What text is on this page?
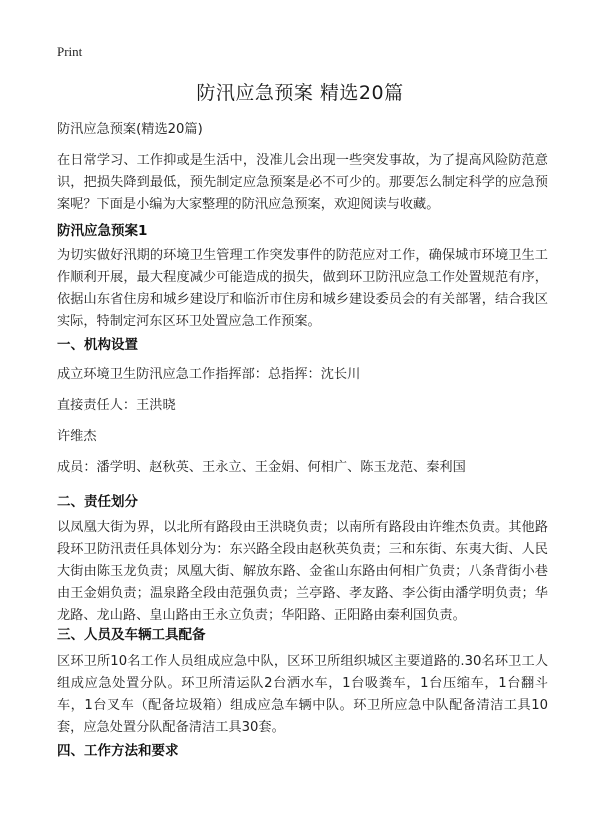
Print
防汛应急预案 精选20篇

防汛应急预案(精选20篇)

在日常学习、工作抑或是生活中，没准儿会出现一些突发事故，为了提高风险防范意识，把损失降到最低，预先制定应急预案是必不可少的。那要怎么制定科学的应急预案呢？下面是小编为大家整理的防汛应急预案，欢迎阅读与收藏。

防汛应急预案1

为切实做好汛期的环境卫生管理工作突发事件的防范应对工作，确保城市环境卫生工作顺利开展，最大程度减少可能造成的损失，做到环卫防汛应急工作处置规范有序，依据山东省住房和城乡建设厅和临沂市住房和城乡建设委员会的有关部署，结合我区实际，特制定河东区环卫处置应急工作预案。

一、机构设置

成立环境卫生防汛应急工作指挥部：总指挥：沈长川

直接责任人：王洪晓

许维杰

成员：潘学明、赵秋英、王永立、王金娟、何相广、陈玉龙范、秦利国

二、责任划分

以凤凰大街为界，以北所有路段由王洪晓负责；以南所有路段由许维杰负责。其他路段环卫防汛责任具体划分为：东兴路全段由赵秋英负责；三和东街、东夷大街、人民大街由陈玉龙负责；凤凰大街、解放东路、金雀山东路由何相广负责；八条背街小巷由王金娟负责；温泉路全段由范强负责；兰亭路、孝友路、李公街由潘学明负责；华龙路、龙山路、皇山路由王永立负责；华阳路、正阳路由秦利国负责。

三、人员及车辆工具配备

区环卫所10名工作人员组成应急中队，区环卫所组织城区主要道路的.30名环卫工人组成应急处置分队。环卫所清运队2台洒水车，1台吸粪车，1台压缩车，1台翻斗车，1台叉车（配备垃圾箱）组成应急车辆中队。环卫所应急中队配备清洁工具10套，应急处置分队配备清洁工具30套。

四、工作方法和要求
